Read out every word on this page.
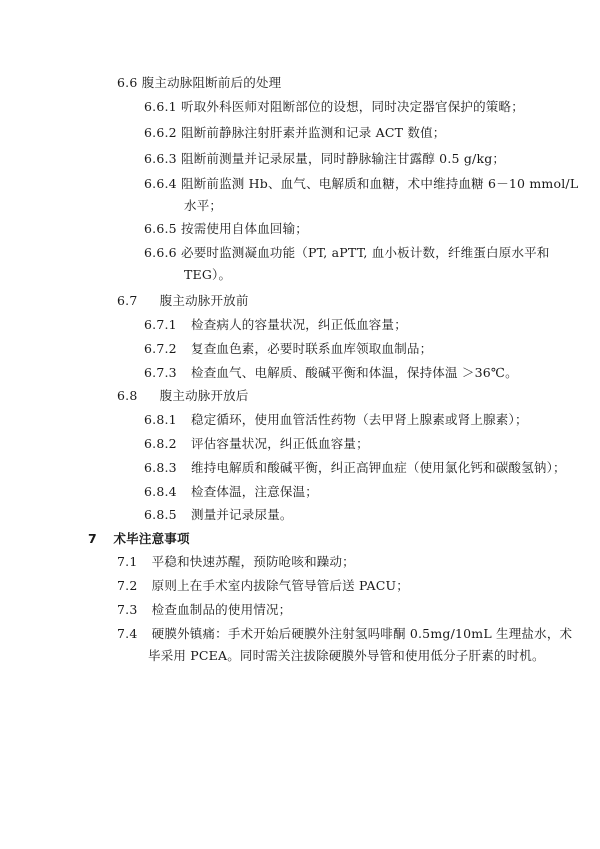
6.6 腹主动脉阻断前后的处理
6.6.1 听取外科医师对阻断部位的设想，同时决定器官保护的策略；
6.6.2 阻断前静脉注射肝素并监测和记录 ACT 数值；
6.6.3 阻断前测量并记录尿量，同时静脉输注甘露醇 0.5 g/kg；
6.6.4 阻断前监测 Hb、血气、电解质和血糖，术中维持血糖 6－10 mmol/L
水平；
6.6.5 按需使用自体血回输；
6.6.6 必要时监测凝血功能（PT, aPTT, 血小板计数，纤维蛋白原水平和
TEG）。
6.7 腹主动脉开放前
6.7.1 检查病人的容量状况，纠正低血容量；
6.7.2 复查血色素，必要时联系血库领取血制品；
6.7.3 检查血气、电解质、酸碱平衡和体温，保持体温 ＞36℃。
6.8 腹主动脉开放后
6.8.1 稳定循环，使用血管活性药物（去甲肾上腺素或肾上腺素）；
6.8.2 评估容量状况，纠正低血容量；
6.8.3 维持电解质和酸碱平衡，纠正高钾血症（使用氯化钙和碳酸氢钠）；
6.8.4 检查体温，注意保温；
6.8.5 测量并记录尿量。
7 术毕注意事项
7.1 平稳和快速苏醒，预防呛咳和躁动；
7.2 原则上在手术室内拔除气管导管后送 PACU；
7.3 检查血制品的使用情况；
7.4 硬膜外镇痛：手术开始后硬膜外注射氢吗啡酮 0.5mg/10mL 生理盐水，术
毕采用 PCEA。同时需关注拔除硬膜外导管和使用低分子肝素的时机。
